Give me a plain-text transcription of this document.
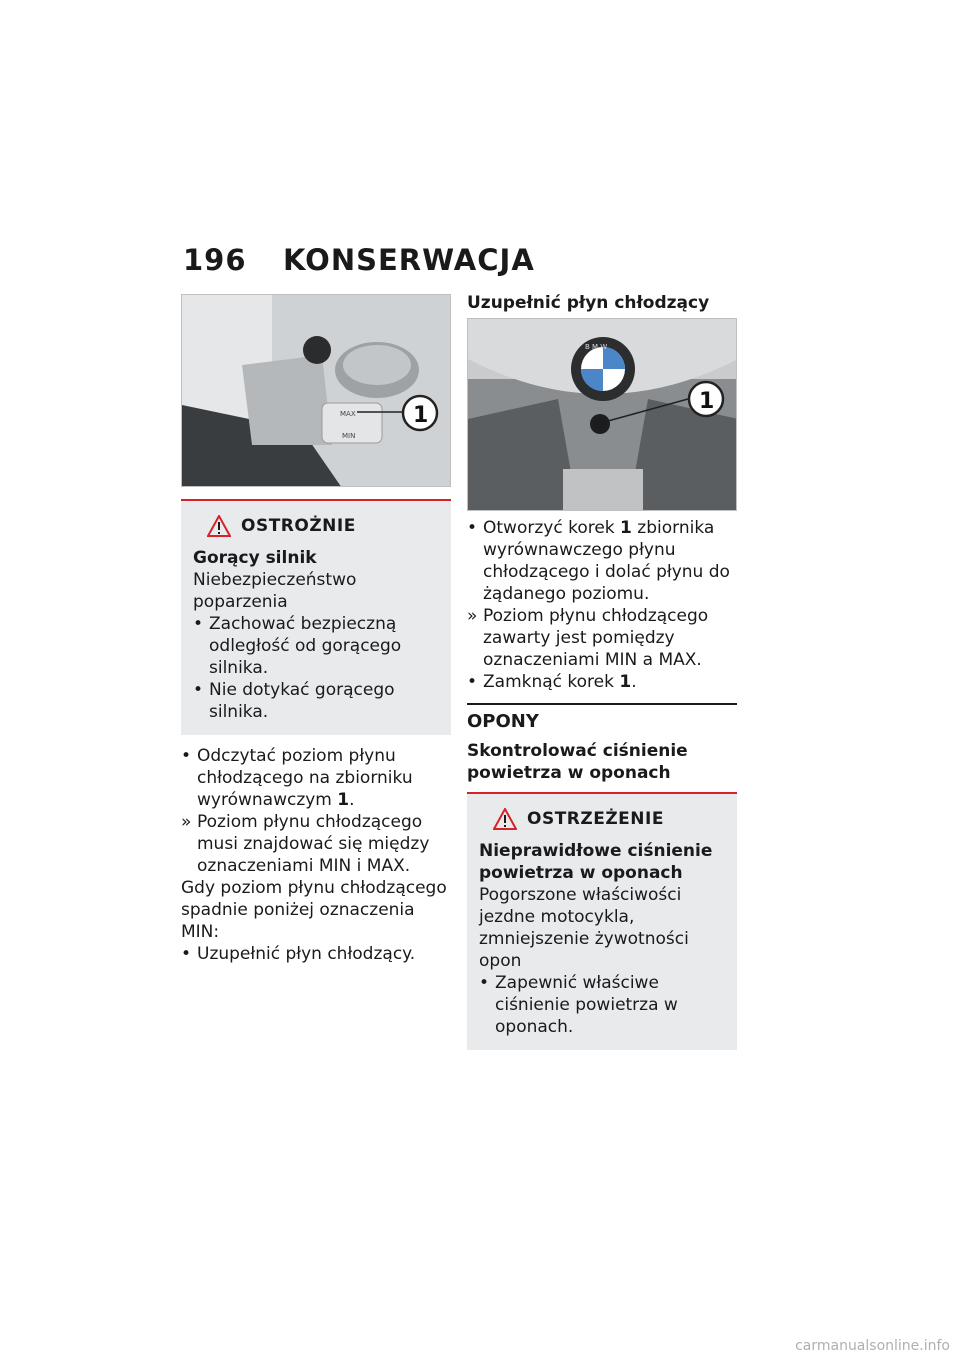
196 KONSERWACJA
MAX
MIN
1
OSTROŻNIE
Gorący silnik
Niebezpieczeństwo poparzenia
• Zachować bezpieczną odległość od gorącego silnika.
• Nie dotykać gorącego silnika.
• Odczytać poziom płynu chłodzącego na zbiorniku wyrównawczym 1.
» Poziom płynu chłodzącego musi znajdować się między oznaczeniami MIN i MAX.
Gdy poziom płynu chłodzącego spadnie poniżej oznaczenia MIN:
• Uzupełnić płyn chłodzący.
Uzupełnić płyn chłodzący
B M W
1
• Otworzyć korek 1 zbiornika wyrównawczego płynu chłodzącego i dolać płynu do żądanego poziomu.
» Poziom płynu chłodzącego zawarty jest pomiędzy oznaczeniami MIN a MAX.
• Zamknąć korek 1.
OPONY
Skontrolować ciśnienie powietrza w oponach
OSTRZEŻENIE
Nieprawidłowe ciśnienie powietrza w oponach
Pogorszone właściwości jezdne motocykla, zmniejszenie żywotności opon
• Zapewnić właściwe ciśnienie powietrza w oponach.
carmanualsonline.info
